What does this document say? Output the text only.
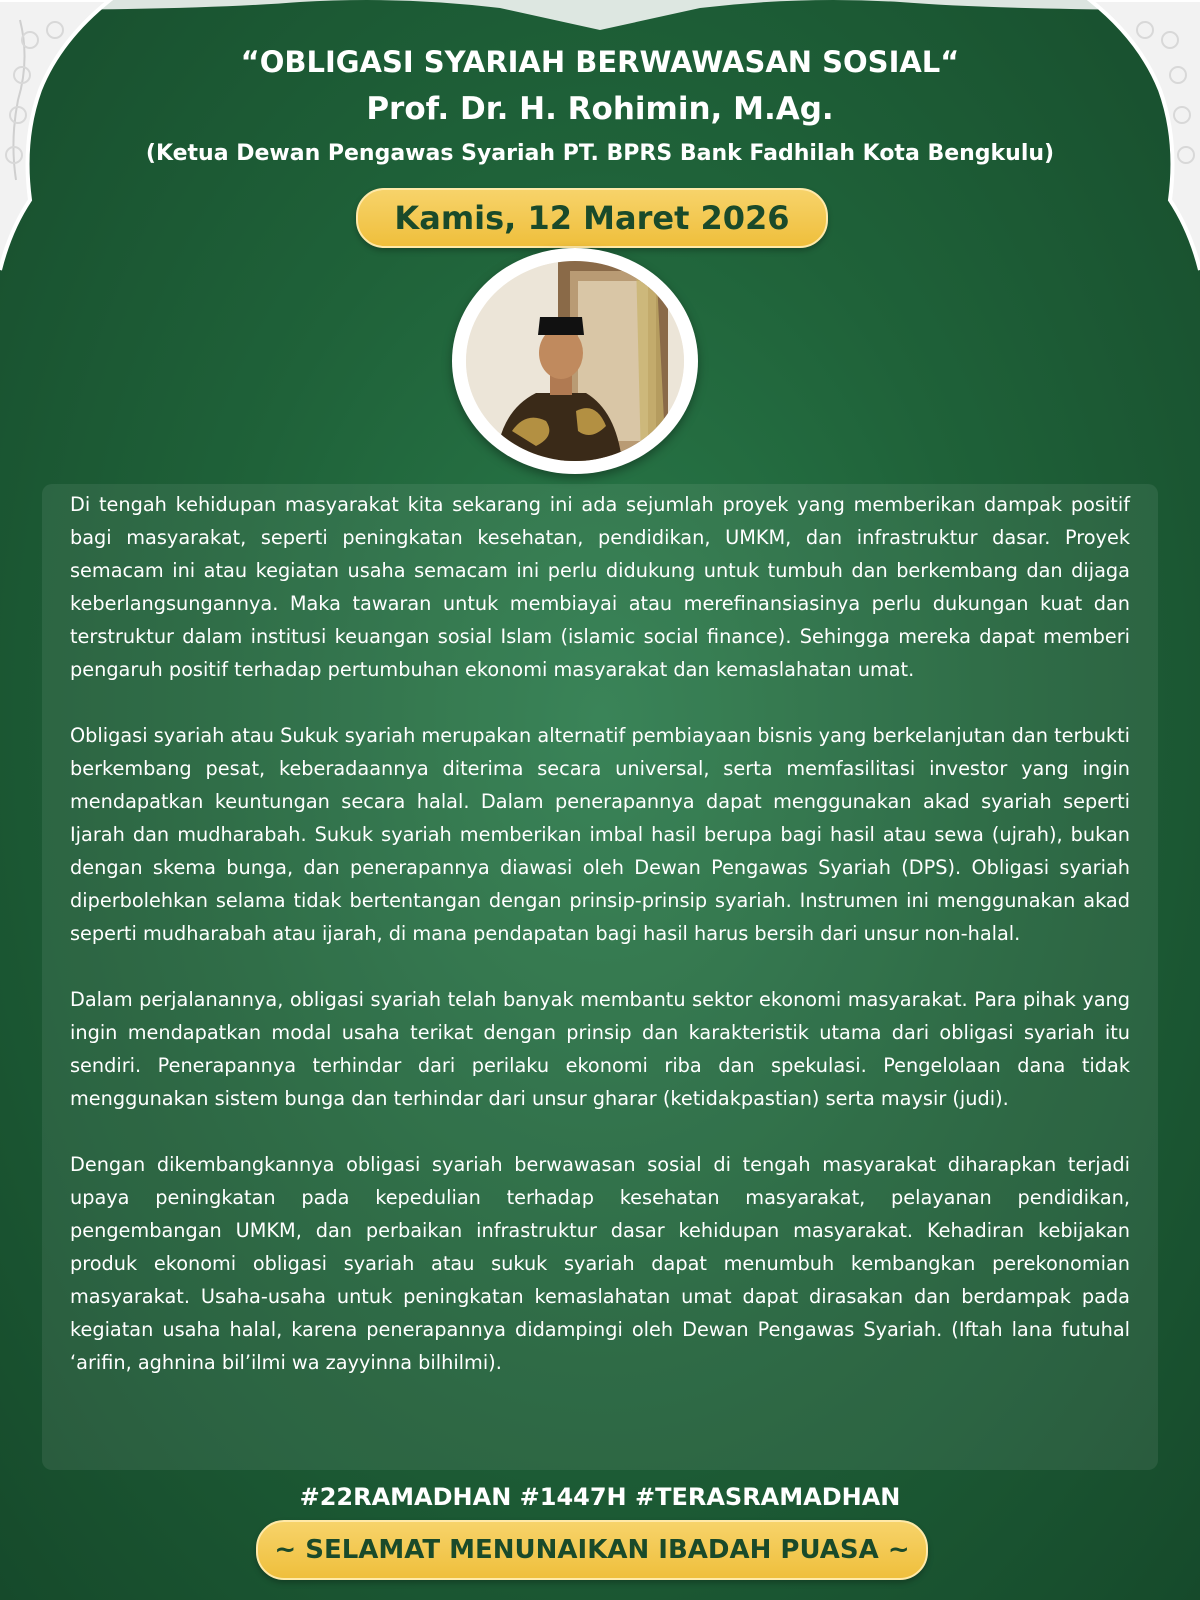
“OBLIGASI SYARIAH BERWAWASAN SOSIAL“

Prof. Dr. H. Rohimin, M.Ag.

(Ketua Dewan Pengawas Syariah PT. BPRS Bank Fadhilah Kota Bengkulu)

Kamis, 12 Maret 2026

Di tengah kehidupan masyarakat kita sekarang ini ada sejumlah proyek yang memberikan dampak positif bagi masyarakat, seperti peningkatan kesehatan, pendidikan, UMKM, dan infrastruktur dasar. Proyek semacam ini atau kegiatan usaha semacam ini perlu didukung untuk tumbuh dan berkembang dan dijaga keberlangsungannya. Maka tawaran untuk membiayai atau merefinansiasinya perlu dukungan kuat dan terstruktur dalam institusi keuangan sosial Islam (islamic social finance). Sehingga mereka dapat memberi pengaruh positif terhadap pertumbuhan ekonomi masyarakat dan kemaslahatan umat.

Obligasi syariah atau Sukuk syariah merupakan alternatif pembiayaan bisnis yang berkelanjutan dan terbukti berkembang pesat, keberadaannya diterima secara universal, serta memfasilitasi investor yang ingin mendapatkan keuntungan secara halal. Dalam penerapannya dapat menggunakan akad syariah seperti Ijarah dan mudharabah. Sukuk syariah memberikan imbal hasil berupa bagi hasil atau sewa (ujrah), bukan dengan skema bunga, dan penerapannya diawasi oleh Dewan Pengawas Syariah (DPS). Obligasi syariah diperbolehkan selama tidak bertentangan dengan prinsip-prinsip syariah. Instrumen ini menggunakan akad seperti mudharabah atau ijarah, di mana pendapatan bagi hasil harus bersih dari unsur non-halal.

Dalam perjalanannya, obligasi syariah telah banyak membantu sektor ekonomi masyarakat. Para pihak yang ingin mendapatkan modal usaha terikat dengan prinsip dan karakteristik utama dari obligasi syariah itu sendiri. Penerapannya terhindar dari perilaku ekonomi riba dan spekulasi. Pengelolaan dana tidak menggunakan sistem bunga dan terhindar dari unsur gharar (ketidakpastian) serta maysir (judi).

Dengan dikembangkannya obligasi syariah berwawasan sosial di tengah masyarakat diharapkan terjadi upaya peningkatan pada kepedulian terhadap kesehatan masyarakat, pelayanan pendidikan, pengembangan UMKM, dan perbaikan infrastruktur dasar kehidupan masyarakat. Kehadiran kebijakan produk ekonomi obligasi syariah atau sukuk syariah dapat menumbuh kembangkan perekonomian masyarakat. Usaha-usaha untuk peningkatan kemaslahatan umat dapat dirasakan dan berdampak pada kegiatan usaha halal, karena penerapannya didampingi oleh Dewan Pengawas Syariah. (Iftah lana futuhal ‘arifin, aghnina bil’ilmi wa zayyinna bilhilmi).

#22RAMADHAN #1447H #TERASRAMADHAN
~ SELAMAT MENUNAIKAN IBADAH PUASA ~
